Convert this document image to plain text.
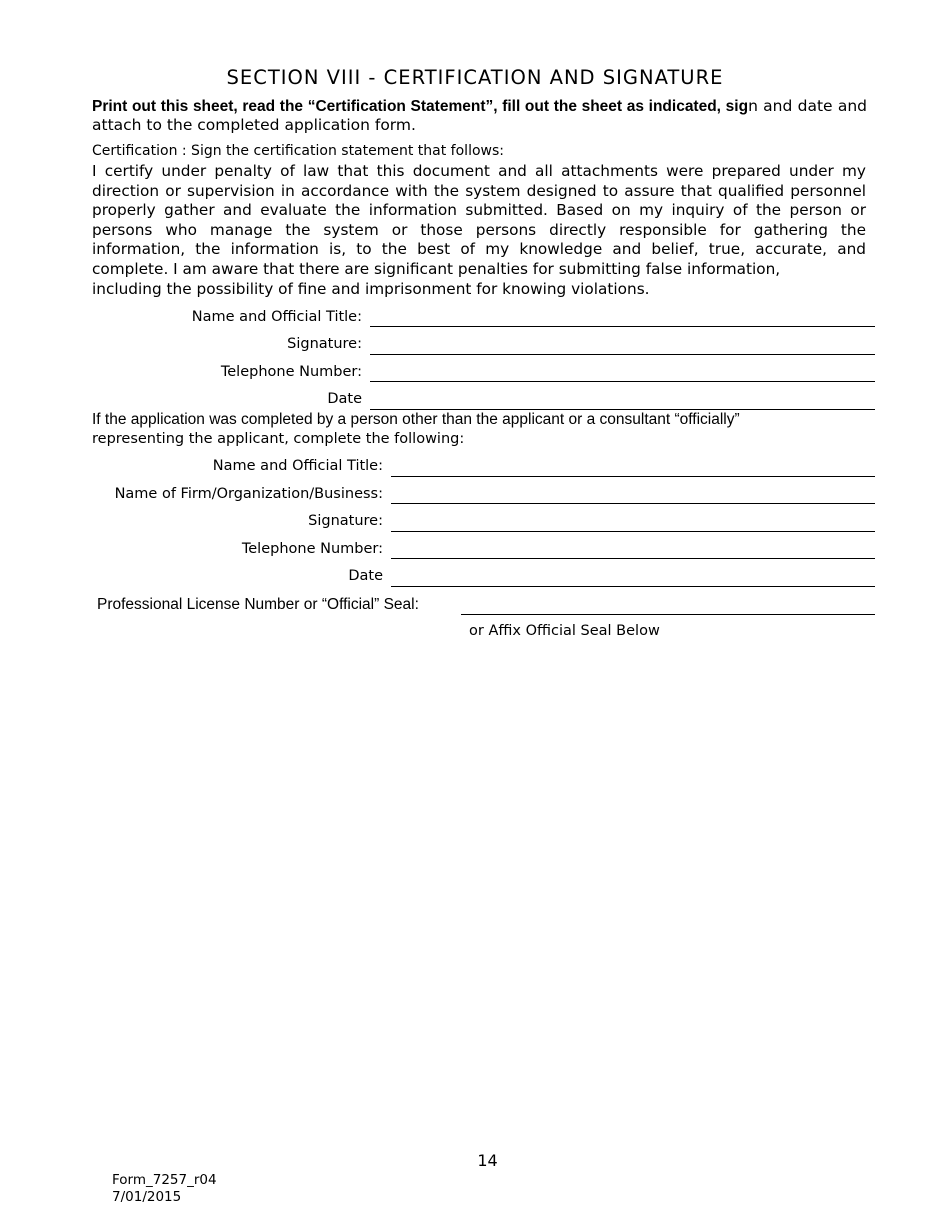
SECTION VIII - CERTIFICATION AND SIGNATURE
Print out this sheet, read the “Certification Statement”, fill out the sheet as indicated, sign and date and attach to the completed application form.
Certification : Sign the certification statement that follows:
I certify under penalty of law that this document and all attachments were prepared under my direction or supervision in accordance with the system designed to assure that qualified personnel properly gather and evaluate the information submitted. Based on my inquiry of the person or persons who manage the system or those persons directly responsible for gathering the information, the information is, to the best of my knowledge and belief, true, accurate, and complete. I am aware that there are significant penalties for submitting false information,
including the possibility of fine and imprisonment for knowing violations.
Name and Official Title:
Signature:
Telephone Number:
Date
If the application was completed by a person other than the applicant or a consultant “officially”
representing the applicant, complete the following:
Name and Official Title:
Name of Firm/Organization/Business:
Signature:
Telephone Number:
Date
Professional License Number or “Official” Seal:
or Affix Official Seal Below
14
Form_7257_r04
7/01/2015
